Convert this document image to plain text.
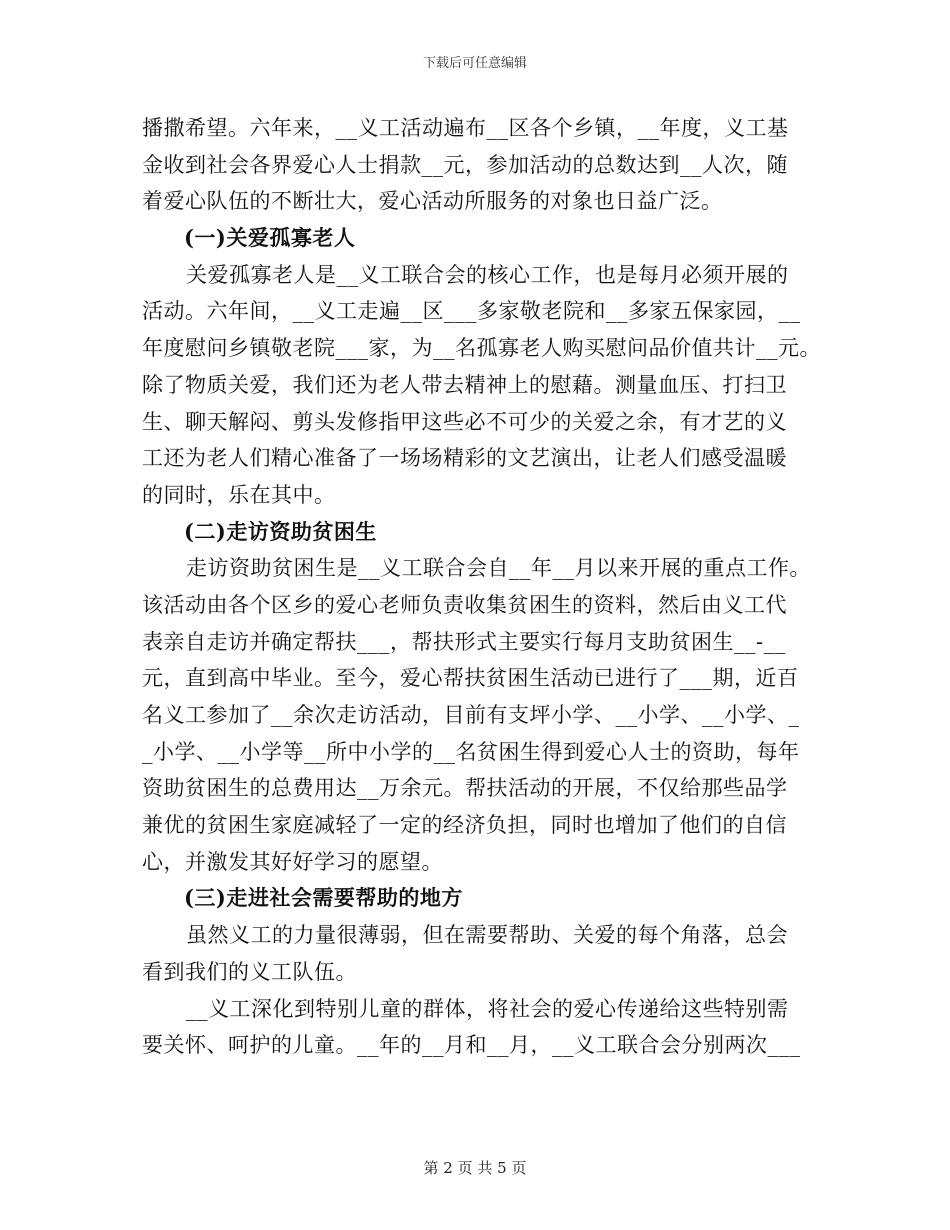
下载后可任意编辑
播撒希望。六年来，__义工活动遍布__区各个乡镇，__年度，义工基
金收到社会各界爱心人士捐款__元，参加活动的总数达到__人次，随
着爱心队伍的不断壮大，爱心活动所服务的对象也日益广泛。
(一)关爱孤寡老人
关爱孤寡老人是__义工联合会的核心工作，也是每月必须开展的
活动。六年间，__义工走遍__区___多家敬老院和__多家五保家园，__
年度慰问乡镇敬老院___家，为__名孤寡老人购买慰问品价值共计__元。
除了物质关爱，我们还为老人带去精神上的慰藉。测量血压、打扫卫
生、聊天解闷、剪头发修指甲这些必不可少的关爱之余，有才艺的义
工还为老人们精心准备了一场场精彩的文艺演出，让老人们感受温暖
的同时，乐在其中。
(二)走访资助贫困生
走访资助贫困生是__义工联合会自__年__月以来开展的重点工作。
该活动由各个区乡的爱心老师负责收集贫困生的资料，然后由义工代
表亲自走访并确定帮扶___，帮扶形式主要实行每月支助贫困生__-__
元，直到高中毕业。至今，爱心帮扶贫困生活动已进行了___期，近百
名义工参加了__余次走访活动，目前有支坪小学、__小学、__小学、_
_小学、__小学等__所中小学的__名贫困生得到爱心人士的资助，每年
资助贫困生的总费用达__万余元。帮扶活动的开展，不仅给那些品学
兼优的贫困生家庭减轻了一定的经济负担，同时也增加了他们的自信
心，并激发其好好学习的愿望。
(三)走进社会需要帮助的地方
虽然义工的力量很薄弱，但在需要帮助、关爱的每个角落，总会
看到我们的义工队伍。
__义工深化到特别儿童的群体，将社会的爱心传递给这些特别需
要关怀、呵护的儿童。__年的__月和__月，__义工联合会分别两次___
第 2 页 共 5 页
